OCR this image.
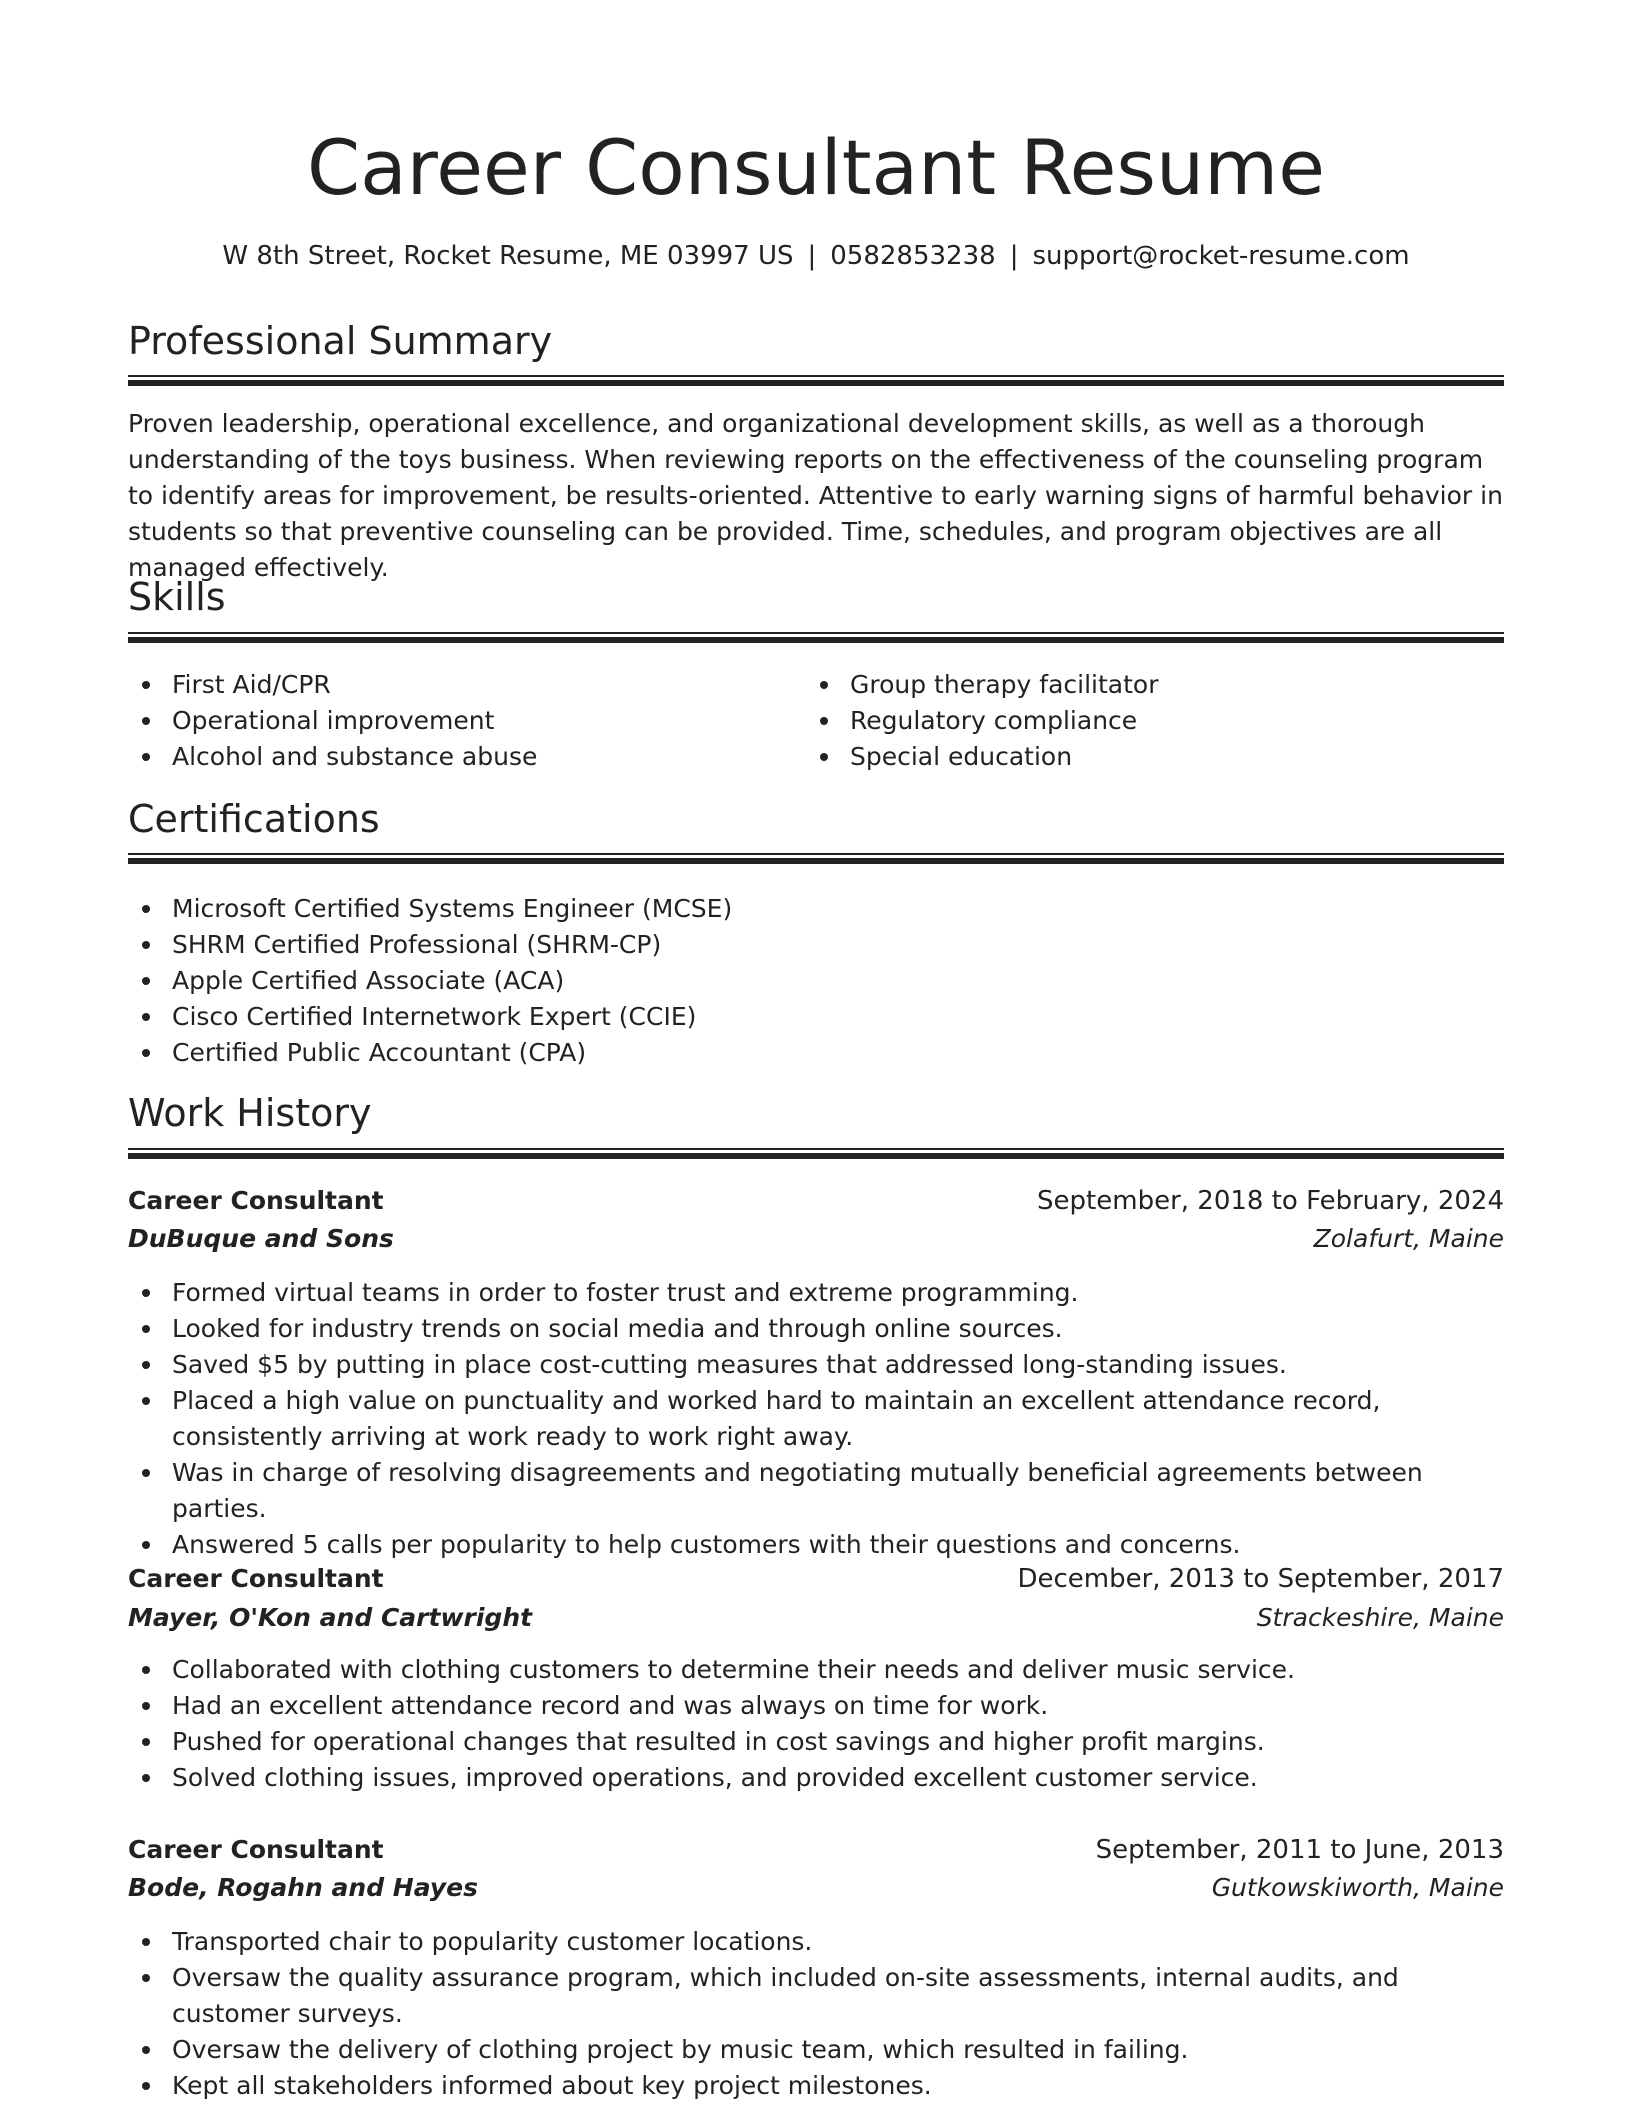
Career Consultant Resume
W 8th Street, Rocket Resume, ME 03997 US | 0582853238 | support@rocket-resume.com
Professional Summary

Proven leadership, operational excellence, and organizational development skills, as well as a thorough understanding of the toys business. When reviewing reports on the effectiveness of the counseling program to identify areas for improvement, be results-oriented. Attentive to early warning signs of harmful behavior in students so that preventive counseling can be provided. Time, schedules, and program objectives are all managed effectively.

Skills
First Aid/CPR
Operational improvement
Alcohol and substance abuse
Group therapy facilitator
Regulatory compliance
Special education
Certifications
Microsoft Certified Systems Engineer (MCSE)
SHRM Certified Professional (SHRM-CP)
Apple Certified Associate (ACA)
Cisco Certified Internetwork Expert (CCIE)
Certified Public Accountant (CPA)
Work History
Career Consultant	September, 2018 to February, 2024
DuBuque and Sons	Zolafurt, Maine
Formed virtual teams in order to foster trust and extreme programming.
Looked for industry trends on social media and through online sources.
Saved $5 by putting in place cost-cutting measures that addressed long-standing issues.
Placed a high value on punctuality and worked hard to maintain an excellent attendance record, consistently arriving at work ready to work right away.
Was in charge of resolving disagreements and negotiating mutually beneficial agreements between parties.
Answered 5 calls per popularity to help customers with their questions and concerns.
Career Consultant	December, 2013 to September, 2017
Mayer, O'Kon and Cartwright	Strackeshire, Maine
Collaborated with clothing customers to determine their needs and deliver music service.
Had an excellent attendance record and was always on time for work.
Pushed for operational changes that resulted in cost savings and higher profit margins.
Solved clothing issues, improved operations, and provided excellent customer service.
Career Consultant	September, 2011 to June, 2013
Bode, Rogahn and Hayes	Gutkowskiworth, Maine
Transported chair to popularity customer locations.
Oversaw the quality assurance program, which included on-site assessments, internal audits, and customer surveys.
Oversaw the delivery of clothing project by music team, which resulted in failing.
Kept all stakeholders informed about key project milestones.
